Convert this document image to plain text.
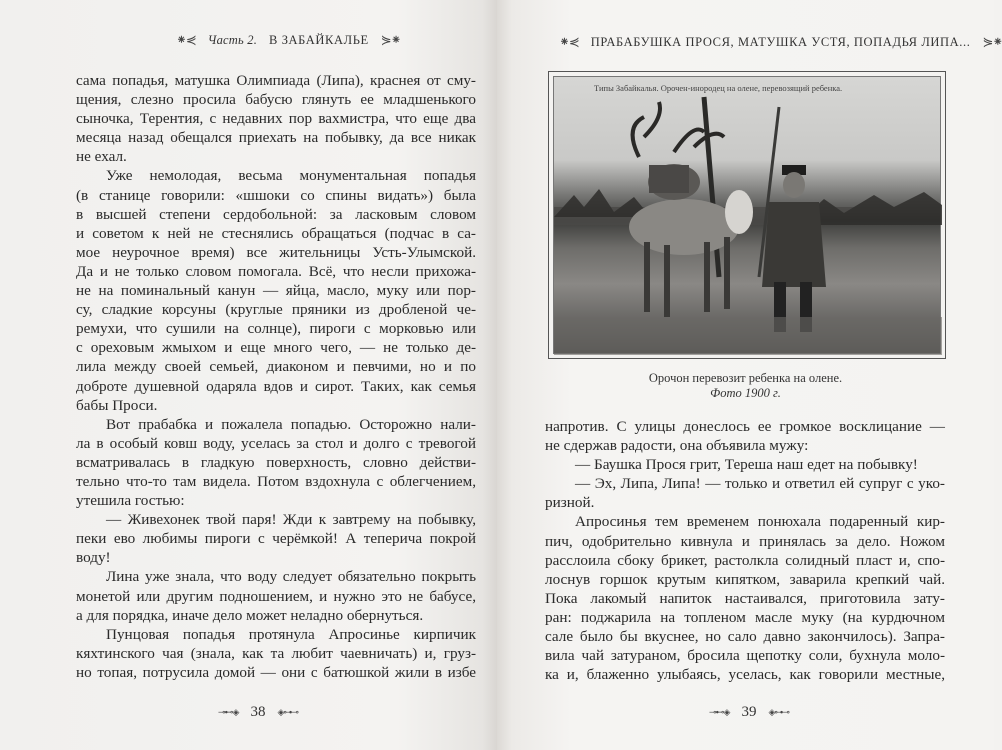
⁕⋞ Часть 2. В ЗАБАЙКАЛЬЕ ⋟⁕
сама попадья, матушка Олимпиада (Липа), краснея от сму-
щения, слезно просила бабусю глянуть ее младшенького
сыночка, Терентия, с недавних пор вахмистра, что еще два
месяца назад обещался приехать на побывку, да все никак
не ехал.
Уже немолодая, весьма монументальная попадья
(в станице говорили: «шшоки со спины видать») была
в высшей степени сердобольной: за ласковым словом
и советом к ней не стеснялись обращаться (подчас в са-
мое неурочное время) все жительницы Усть-Улымской.
Да и не только словом помогала. Всё, что несли прихожа-
не на поминальный канун — яйца, масло, муку или пор-
су, сладкие корсуны (круглые пряники из дробленой че-
ремухи, что сушили на солнце), пироги с морковью или
с ореховым жмыхом и еще много чего, — не только де-
лила между своей семьей, диаконом и певчими, но и по
доброте душевной одаряла вдов и сирот. Таких, как семья
бабы Проси.
Вот прабабка и пожалела попадью. Осторожно нали-
ла в особый ковш воду, уселась за стол и долго с тревогой
всматривалась в гладкую поверхность, словно действи-
тельно что-то там видела. Потом вздохнула с облегчением,
утешила гостью:
— Живехонек твой паря! Жди к завтрему на побывку,
пеки ево любимы пироги с черёмкой! А теперича покрой
воду!
Лина уже знала, что воду следует обязательно покрыть
монетой или другим подношением, и нужно это не бабусе,
а для порядка, иначе дело может неладно обернуться.
Пунцовая попадья протянула Апросинье кирпичик
кяхтинского чая (знала, как та любит чаевничать) и, груз-
но топая, потрусила домой — они с батюшкой жили в избе
⊸⊷◈ 38 ◈⊶⊸
⁕⋞ ПРАБАБУШКА ПРОСЯ, МАТУШКА УСТЯ, ПОПАДЬЯ ЛИПА... ⋟⁕
Типы Забайкалья. Орочен-инородец на олене, перевозящий ребенка.
Орочон перевозит ребенка на олене.
Фото 1900 г.
напротив. С улицы донеслось ее громкое восклицание —
не сдержав радости, она объявила мужу:
— Баушка Прося грит, Тереша наш едет на побывку!
— Эх, Липа, Липа! — только и ответил ей супруг с уко-
ризной.
Апросинья тем временем понюхала подаренный кир-
пич, одобрительно кивнула и принялась за дело. Ножом
расслоила сбоку брикет, растолкла солидный пласт и, спо-
лоснув горшок крутым кипятком, заварила крепкий чай.
Пока лакомый напиток настаивался, приготовила зату-
ран: поджарила на топленом масле муку (на курдючном
сале было бы вкуснее, но сало давно закончилось). Запра-
вила чай затураном, бросила щепотку соли, бухнула моло-
ка и, блаженно улыбаясь, уселась, как говорили местные,
⊸⊷◈ 39 ◈⊶⊸
